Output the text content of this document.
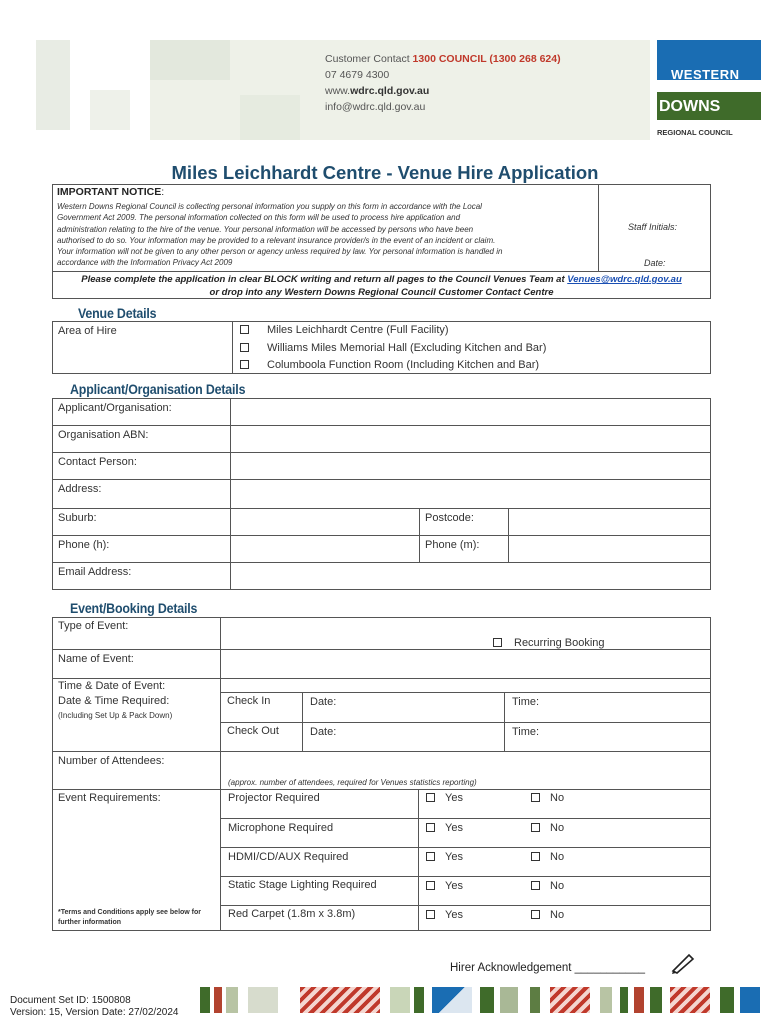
Customer Contact 1300 COUNCIL (1300 268 624)
07 4679 4300
www.wdrc.qld.gov.au
info@wdrc.qld.gov.au
WESTERN
DOWNS
REGIONAL COUNCIL
Miles Leichhardt Centre - Venue Hire Application
IMPORTANT NOTICE:
Western Downs Regional Council is collecting personal information you supply on this form in accordance with the Local
Government Act 2009. The personal information collected on this form will be used to process hire application and
administration relating to the hire of the venue. Your personal information will be accessed by persons who have been
authorised to do so. Your information may be provided to a relevant insurance provider/s in the event of an incident or claim.
Your information will not be given to any other person or agency unless required by law. Yor personal information is handled in
accordance with the Information Privacy Act 2009
Staff Initials:
Date:
Please complete the application in clear BLOCK writing and return all pages to the Council Venues Team at Venues@wdrc.qld.gov.au
or drop into any Western Downs Regional Council Customer Contact Centre
Venue Details
Area of Hire	Miles Leichhardt Centre (Full Facility)
Williams Miles Memorial Hall (Excluding Kitchen and Bar)
Columboola Function Room (Including Kitchen and Bar)
Applicant/Organisation Details
Applicant/Organisation:
Organisation ABN:
Contact Person:
Address:
Suburb:	Postcode:
Phone (h):	Phone (m):
Email Address:
Event/Booking Details
Type of Event:
Recurring Booking
Name of Event:
Time & Date of Event:
Date & Time Required:
(Including Set Up & Pack Down)
Check In	Date:	Time:
Check Out	Date:	Time:
Number of Attendees:
(approx. number of attendees, required for Venues statistics reporting)
Event Requirements:
*Terms and Conditions apply see below for
further information
Projector Required	Yes	No
Microphone Required	Yes	No
HDMI/CD/AUX Required	Yes	No
Static Stage Lighting Required	Yes	No
Red Carpet (1.8m x 3.8m)	Yes	No
Hirer Acknowledgement ___________
Document Set ID: 1500808
Version: 15, Version Date: 27/02/2024
